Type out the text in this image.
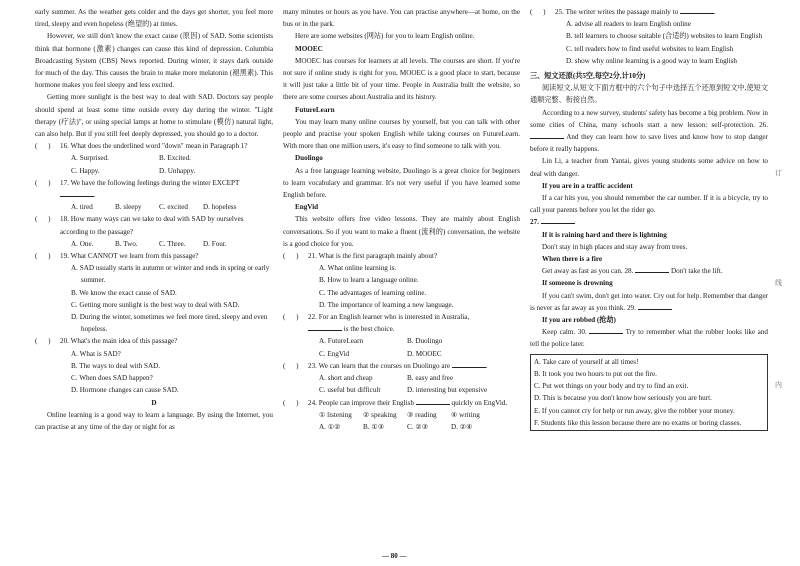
early summer. As the weather gets colder and the days get shorter, you feel more tired, sleepy and even hopeless (绝望的) at times.

However, we still don't know the exact cause (原因) of SAD. Some scientists think that hormone (激素) changes can cause this kind of depression. Columbia Broadcasting System (CBS) News reported. During winter, it stays dark outside for much of the day. This causes the brain to make more melatonin (褪黑素). This hormone makes you feel sleepy and less excited.

Getting more sunlight is the best way to deal with SAD. Doctors say people should spend at least some time outside every day during the winter. "Light therapy (疗法)", or using special lamps at home to stimulate (模仿) natural light, can also help. But if you still feel deeply depressed, you should go to a doctor.

(      )	16. What does the underlined word "down" mean in Paragraph 1?
A. Surprised.	B. Excited.
C. Happy.	D. Unhappy.
(      )	17. We have the following feelings during the winter EXCEPT
.
A. tired	B. sleepy	C. excited	D. hopeless
(      )	18. How many ways can we take to deal with SAD by ourselves according to the passage?
A. One.	B. Two.	C. Three.	D. Four.
(      )	19. What CANNOT we learn from this passage?

A. SAD usually starts in autumn or winter and ends in spring or early summer.

B. We know the exact cause of SAD.

C. Getting more sunlight is the best way to deal with SAD.

D. During the winter, sometimes we feel more tired, sleepy and even hopeless.

(      )	20. What's the main idea of this passage?

A. What is SAD?

B. The ways to deal with SAD.

C. When does SAD happen?

D. Hormone changes can cause SAD.

D

Online learning is a good way to learn a language. By using the Internet, you can practise at any time of the day or night for as

many minutes or hours as you have. You can practise anywhere—at home, on the bus or in the park.

Here are some websites (网站) for you to learn English online.

MOOEC

MOOEC has courses for learners at all levels. The courses are short. If you're not sure if online study is right for you, MOOEC is a good place to start, because it will just take a little bit of your time. People in Australia built the website, so there are some courses about Australia and its history.

FutureLearn

You may learn many online courses by yourself, but you can talk with other people and practise your spoken English while taking courses on FutureLearn. With more than one million users, it's easy to find someone to talk with you.

Duolingo

As a free language learning website, Duolingo is a great choice for beginners to learn vocabulary and grammar. It's not very useful if you have learned some English before.

EngVid

This website offers free video lessons. They are mainly about English conversations. So if you want to make a fluent (流利的) conversation, the website is a good choice for you.

(      )	21. What is the first paragraph mainly about?

A. What online learning is.

B. How to learn a language online.

C. The advantages of learning online.

D. The importance of learning a new language.

(      )	22. For an English learner who is interested in Australia,
is the best choice.
A. FutureLearn	B. Duolingo
C. EngVid	D. MOOEC
(      )	23. We can learn that the courses on Duolingo are	.
A. short and cheap	B. easy and free
C. useful but difficult	D. interesting but expensive
(      )	24. People can improve their English	quickly on EngVid.
① listening	② speaking	③ reading	④ writing
A. ①②	B. ①③	C. ②③	D. ②④
(      )	25. The writer writes the passage mainly to	.

A. advise all readers to learn English online

B. tell learners to choose suitable (合适的) websites to learn English

C. tell readers how to find useful websites to learn English

D. show why online learning is a good way to learn English

三、短文还原(共5空,每空2分,计10分)

阅读短文,从短文下面方框中的六个句子中选择五个还原到短文中,使短文通顺完整、衔接自然。

According to a new survey, students' safety has become a big problem. Now in some cities of China, many schools start a new lesson: self-protection. 26.  And they can learn how to save lives and know how to stop danger before it really happens.

Lin Li, a teacher from Yantai, gives young students some advice on how to deal with danger.

If you are in a traffic accident

If a car hits you, you should remember the car number. If it is a bicycle, try to call your parents before you let the rider go.

27.

If it is raining hard and there is lightning

Don't stay in high places and stay away from trees.

When there is a fire

Get away as fast as you can. 28.	Don't take the lift.

If someone is drowning

If you can't swim, don't get into water. Cry out for help. Remember that danger is never as far away as you think. 29.

If you are robbed (抢劫)

Keep calm. 30.	Try to remember what the robber looks like and tell the police later.

A. Take care of yourself at all times!

B. It took you two hours to put out the fire.

C. Put wet things on your body and try to find an exit.

D. This is because you don't know how seriously you are hurt.

E. If you cannot cry for help or run away, give the robber your money.

F. Students like this lesson because there are no exams or boring classes.

— 80 —
订
线
内
